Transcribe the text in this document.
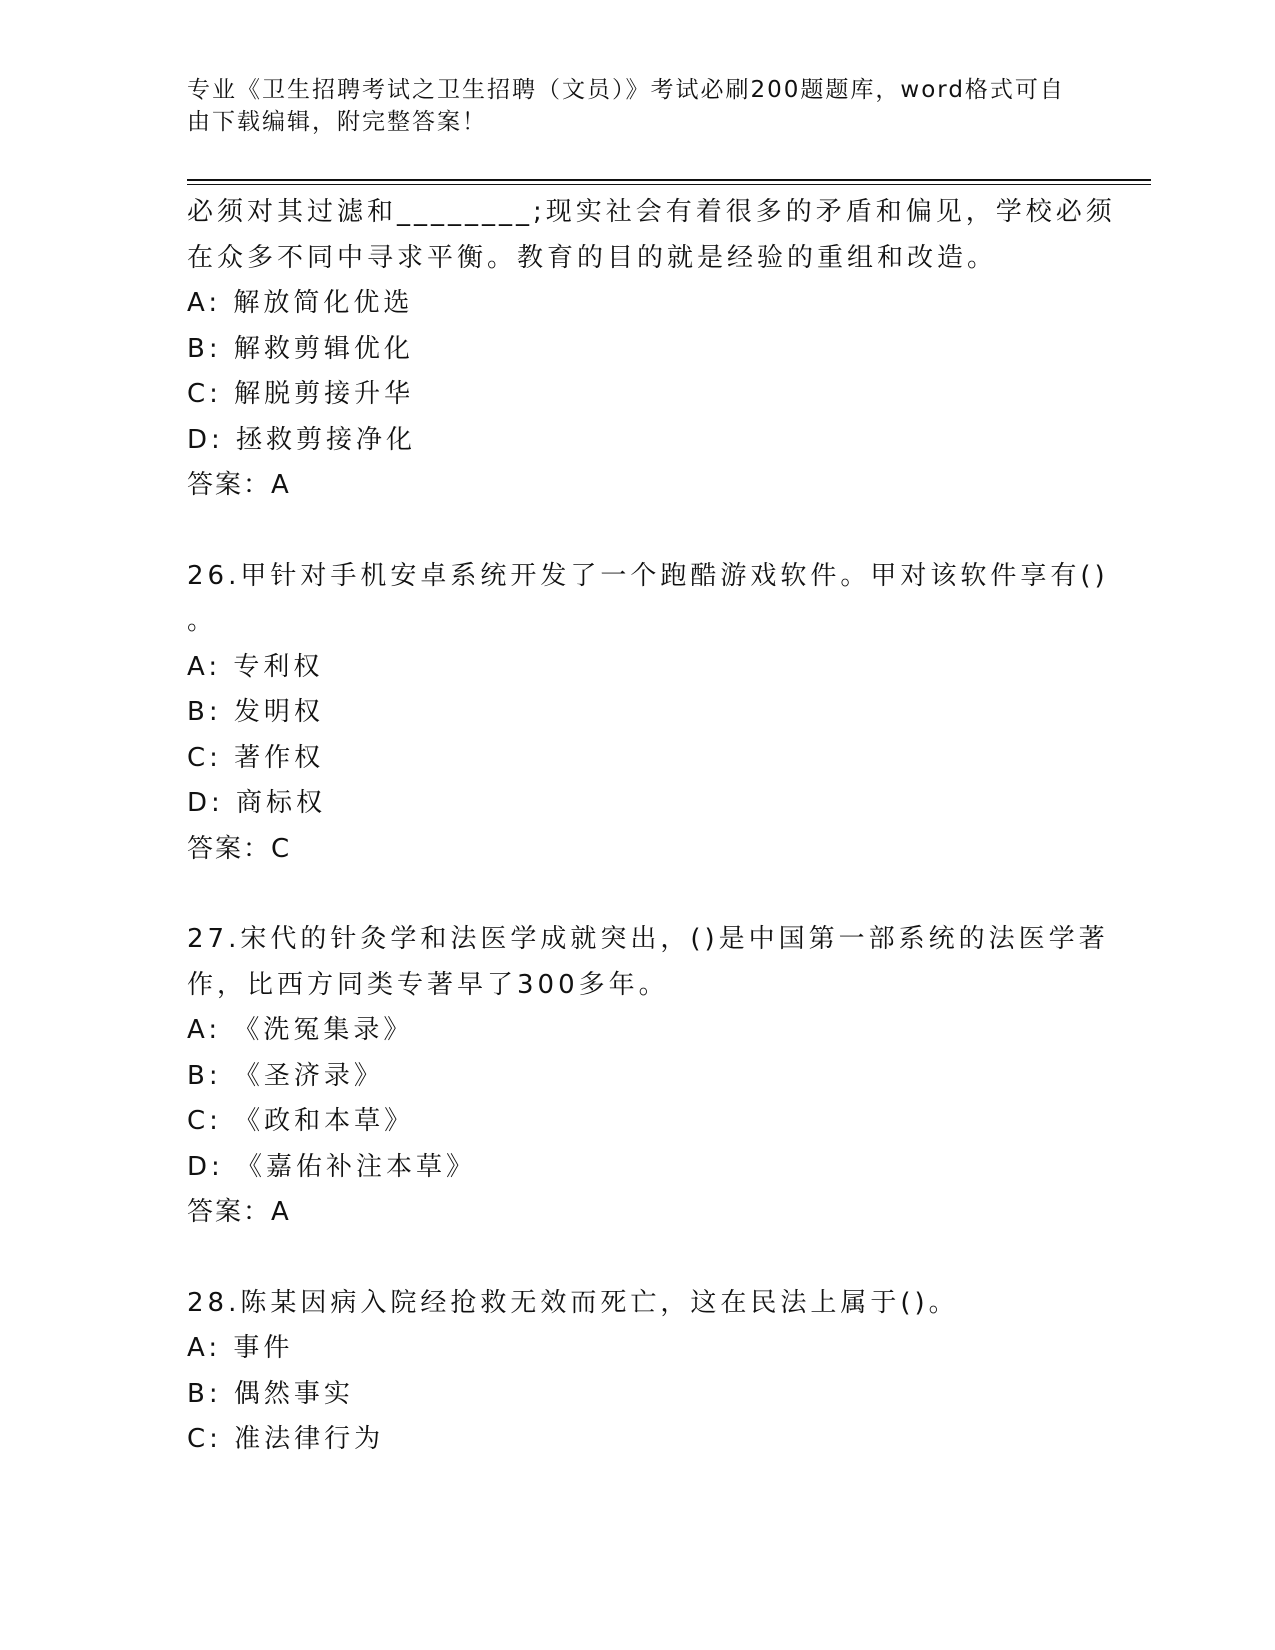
专业《卫生招聘考试之卫生招聘（文员）》考试必刷200题题库，word格式可自
由下载编辑，附完整答案！
必须对其过滤和________;现实社会有着很多的矛盾和偏见，学校必须
在众多不同中寻求平衡。教育的目的就是经验的重组和改造。
A: 解放简化优选
B: 解救剪辑优化
C: 解脱剪接升华
D: 拯救剪接净化
答案：A
26.甲针对手机安卓系统开发了一个跑酷游戏软件。甲对该软件享有()
。
A: 专利权
B: 发明权
C: 著作权
D: 商标权
答案：C
27.宋代的针灸学和法医学成就突出，()是中国第一部系统的法医学著
作，比西方同类专著早了300多年。
A: 《洗冤集录》
B: 《圣济录》
C: 《政和本草》
D: 《嘉佑补注本草》
答案：A
28.陈某因病入院经抢救无效而死亡，这在民法上属于()。
A: 事件
B: 偶然事实
C: 准法律行为
